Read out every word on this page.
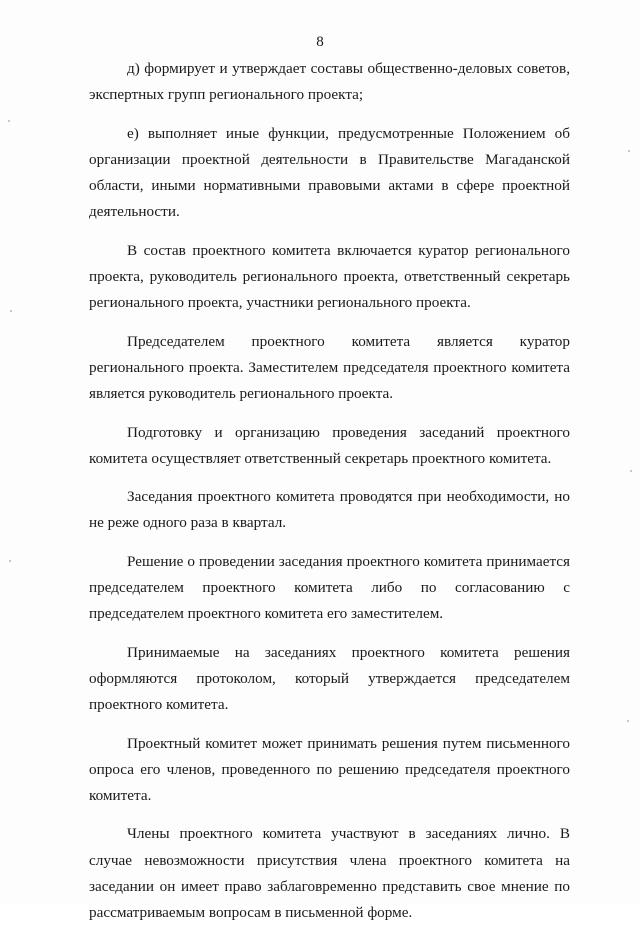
8

д) формирует и утверждает составы общественно-деловых советов, экспертных групп регионального проекта;

е) выполняет иные функции, предусмотренные Положением об организации проектной деятельности в Правительстве Магаданской области, иными нормативными правовыми актами в сфере проектной деятельности.

В состав проектного комитета включается куратор регионального проекта, руководитель регионального проекта, ответственный секретарь регионального проекта, участники регионального проекта.

Председателем проектного комитета является куратор регионального проекта. Заместителем председателя проектного комитета является руководитель регионального проекта.

Подготовку и организацию проведения заседаний проектного комитета осуществляет ответственный секретарь проектного комитета.

Заседания проектного комитета проводятся при необходимости, но не реже одного раза в квартал.

Решение о проведении заседания проектного комитета принимается председателем проектного комитета либо по согласованию с председателем проектного комитета его заместителем.

Принимаемые на заседаниях проектного комитета решения оформляются протоколом, который утверждается председателем проектного комитета.

Проектный комитет может принимать решения путем письменного опроса его членов, проведенного по решению председателя проектного комитета.

Члены проектного комитета участвуют в заседаниях лично. В случае невозможности присутствия члена проектного комитета на заседании он имеет право заблаговременно представить свое мнение по рассматриваемым вопросам в письменной форме.
